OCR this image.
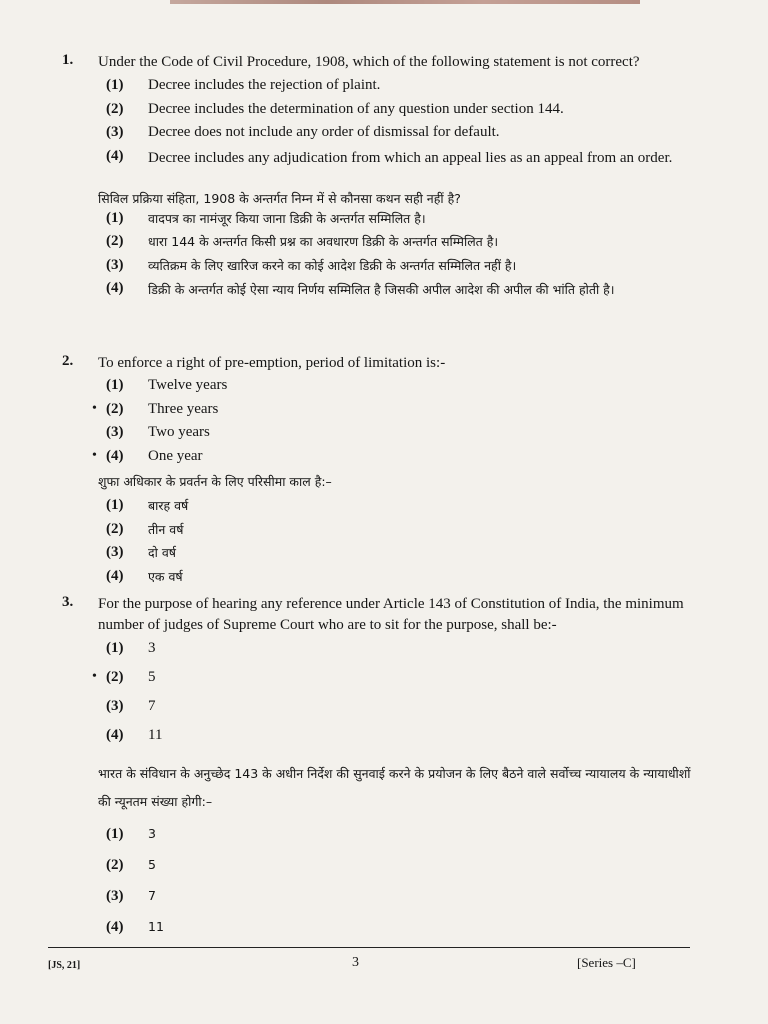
1. Under the Code of Civil Procedure, 1908, which of the following statement is not correct?
(1) Decree includes the rejection of plaint.
(2) Decree includes the determination of any question under section 144.
(3) Decree does not include any order of dismissal for default.
(4) Decree includes any adjudication from which an appeal lies as an appeal from an order.
सिविल प्रक्रिया संहिता, 1908 के अन्तर्गत निम्न में से कौनसा कथन सही नहीं है?
(1) वादपत्र का नामंजूर किया जाना डिक्री के अन्तर्गत सम्मिलित है।
(2) धारा 144 के अन्तर्गत किसी प्रश्न का अवधारण डिक्री के अन्तर्गत सम्मिलित है।
(3) व्यतिक्रम के लिए खारिज करने का कोई आदेश डिक्री के अन्तर्गत सम्मिलित नहीं है।
(4) डिक्री के अन्तर्गत कोई ऐसा न्याय निर्णय सम्मिलित है जिसकी अपील आदेश की अपील की भांति होती है।
2. To enforce a right of pre-emption, period of limitation is:-
(1) Twelve years
• (2) Three years
(3) Two years
• (4) One year
शुफा अधिकार के प्रवर्तन के लिए परिसीमा काल है:–
(1) बारह वर्ष
(2) तीन वर्ष
(3) दो वर्ष
(4) एक वर्ष
3. For the purpose of hearing any reference under Article 143 of Constitution of India, the minimum number of judges of Supreme Court who are to sit for the purpose, shall be:-
(1) 3
• (2) 5
(3) 7
(4) 11
भारत के संविधान के अनुच्छेद 143 के अधीन निर्देश की सुनवाई करने के प्रयोजन के लिए बैठने वाले सर्वोच्च न्यायालय के न्यायाधीशों की न्यूनतम संख्या होगी:–
(1) 3
(2) 5
(3) 7
(4) 11
[JS, 21]	3	[Series –C]
